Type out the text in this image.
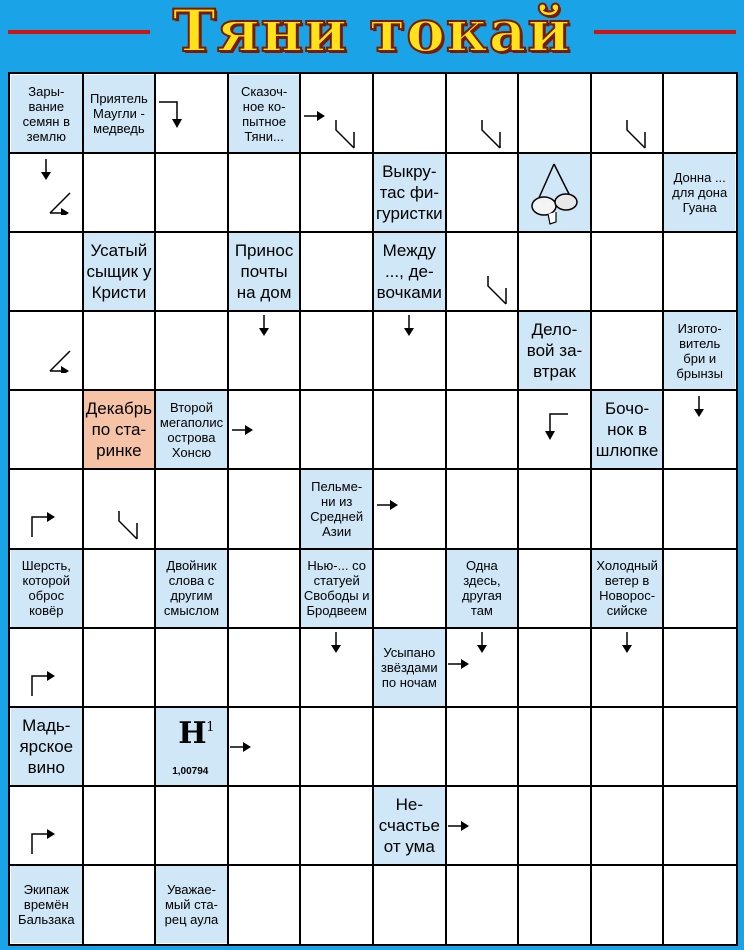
Тяни токай
Зары-
вание
семян в
землю
Приятель
Маугли -
медведь
Сказоч-
ное ко-
пытное
Тяни...
Выкру-
тас фи-
гуристки
Донна ...
для дона
Гуана
Усатый
сыщик у
Кристи
Принос
почты
на дом
Между
..., де-
вочками
Дело-
вой за-
втрак
Изгото-
витель
бри и
брынзы
Декабрь
по ста-
ринке
Второй
мегаполис
острова
Хонсю
Бочо-
нок в
шлюпке
Пельме-
ни из
Средней
Азии
Шерсть,
которой
оброс
ковёр
Двойник
слова с
другим
смыслом
Нью-... со
статуей
Свободы и
Бродвеем
Одна
здесь,
другая
там
Холодный
ветер в
Новорос-
сийске
Усыпано
звёздами
по ночам
Мадь-
ярское
вино
Не-
счастье
от ума
Экипаж
времён
Бальзака
Уважае-
мый ста-
рец аула
H 1
1,00794
